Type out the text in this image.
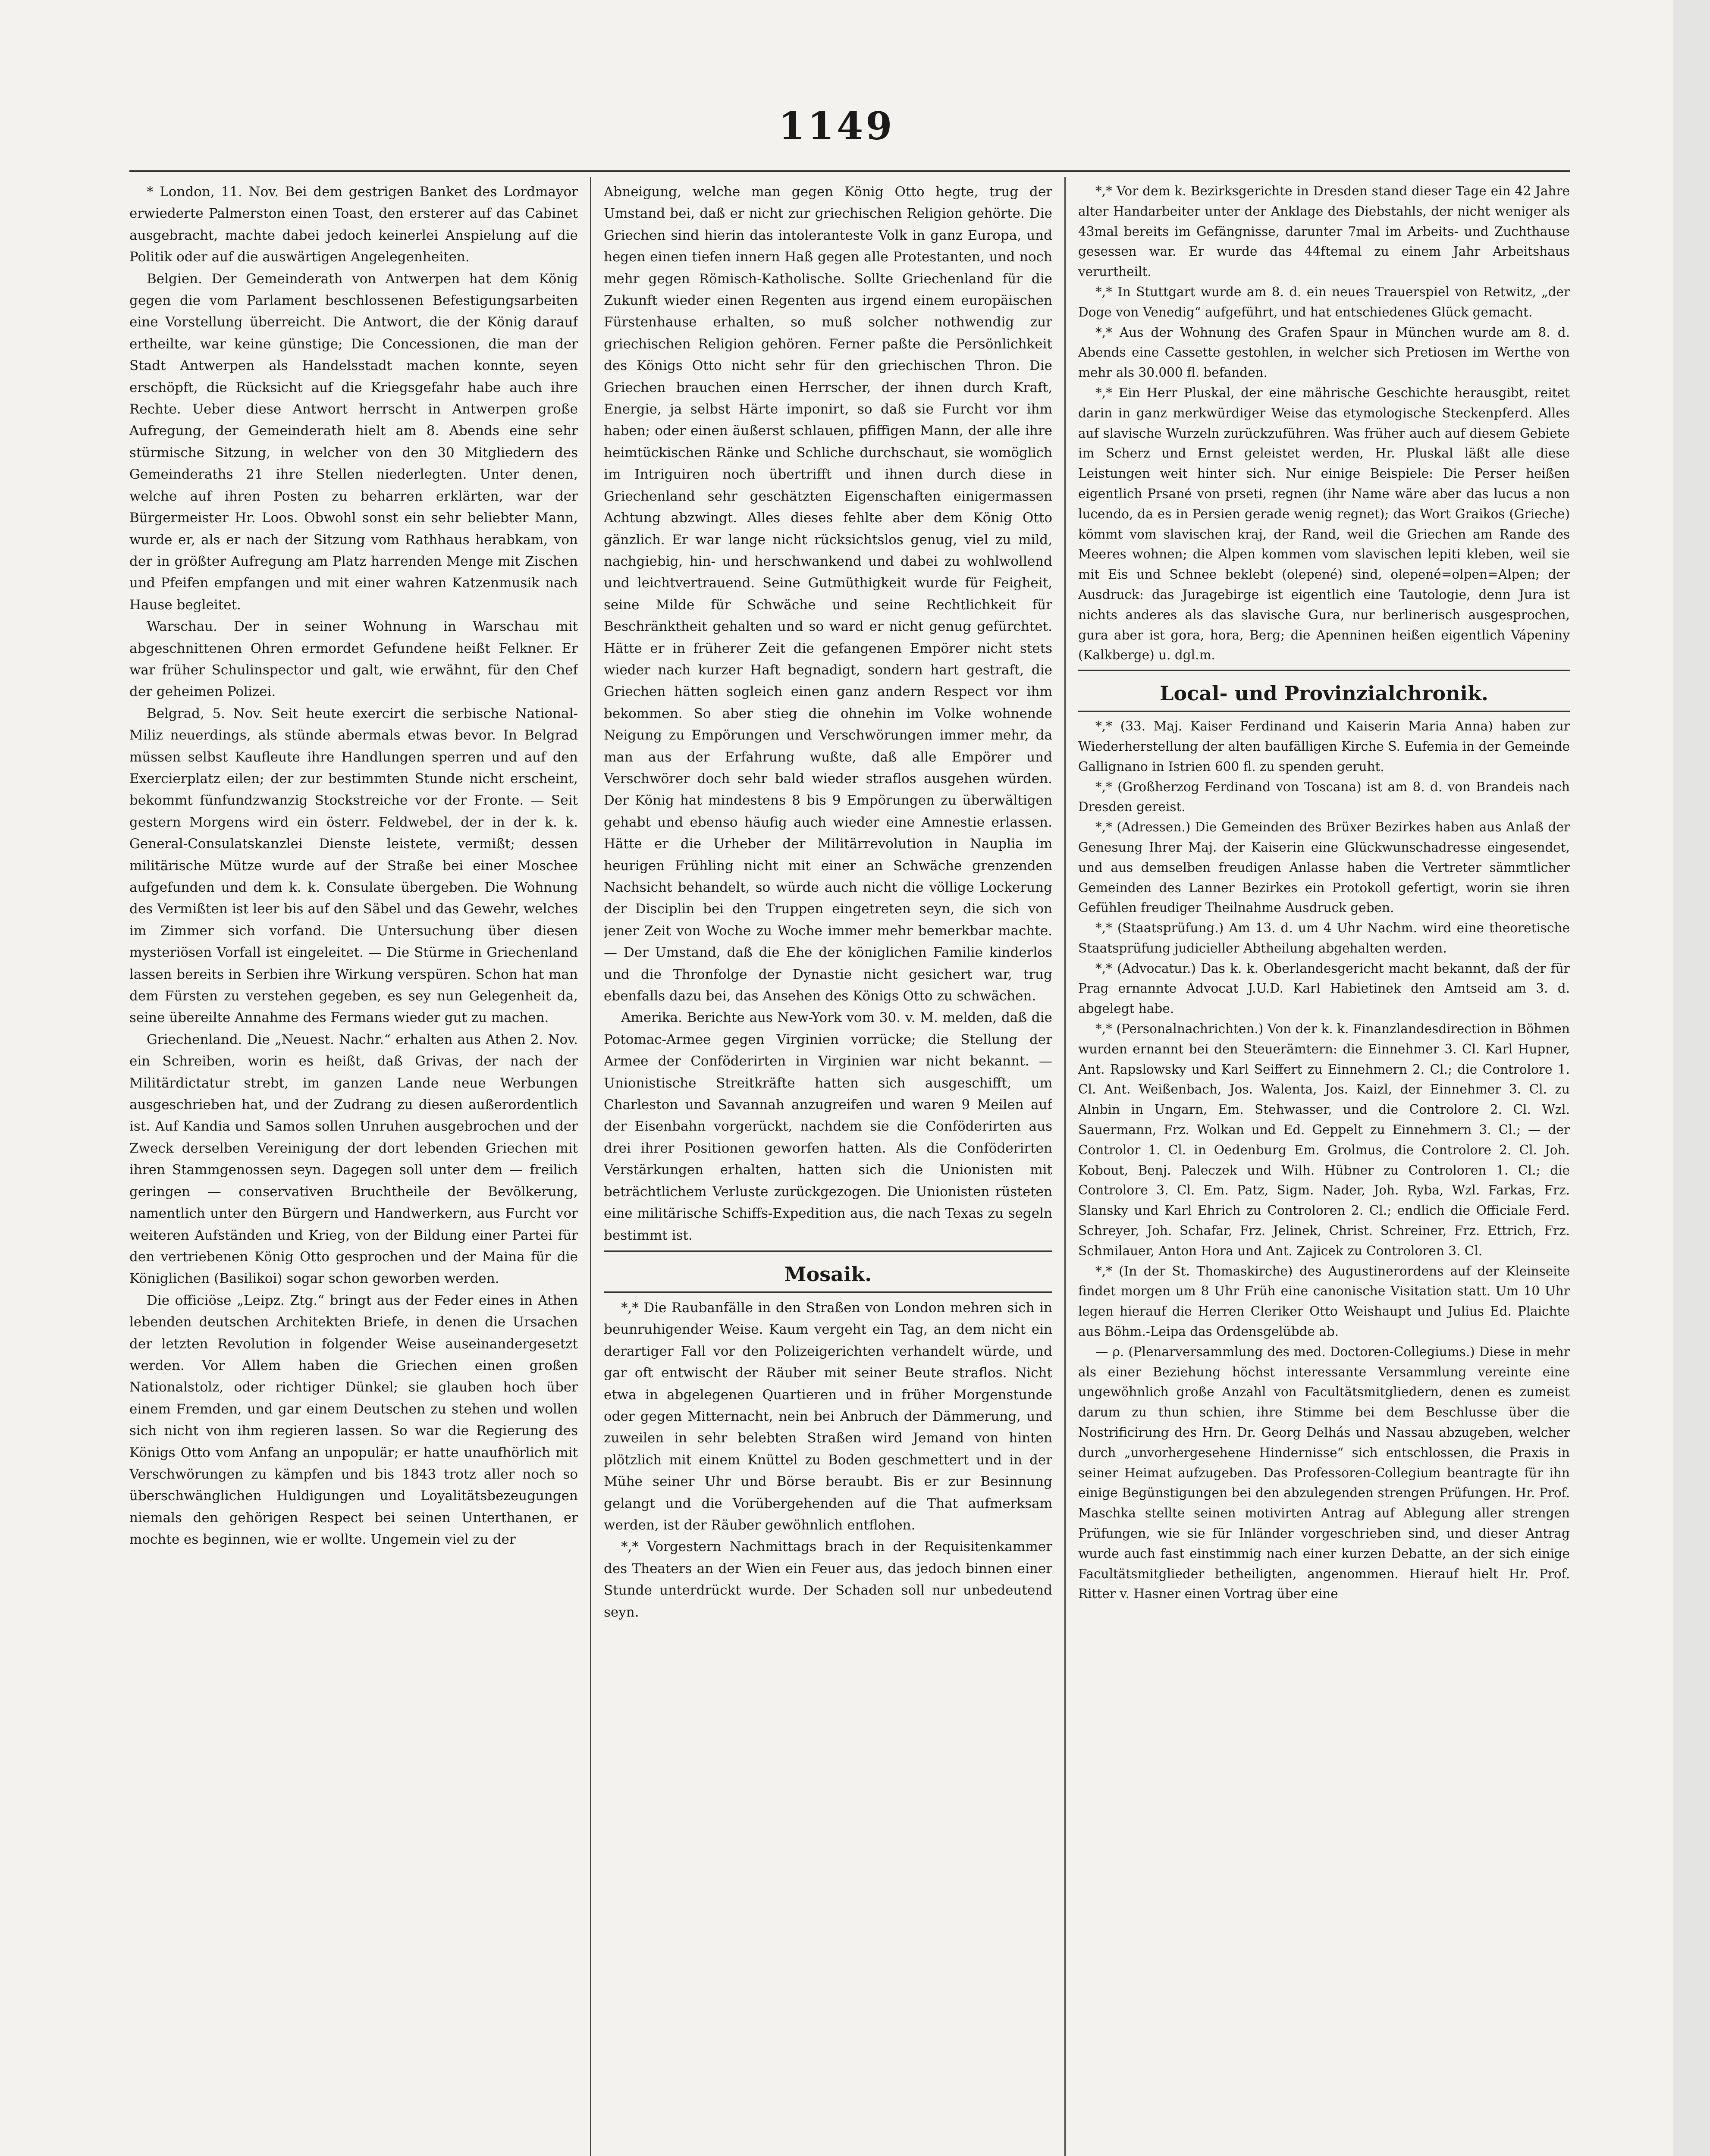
1149

* London, 11. Nov. Bei dem gestrigen Banket des Lordmayor erwiederte Palmerston einen Toast, den ersterer auf das Cabinet ausgebracht, machte dabei jedoch keinerlei Anspielung auf die Politik oder auf die auswärtigen Angelegenheiten.

Belgien. Der Gemeinderath von Antwerpen hat dem König gegen die vom Parlament beschlossenen Befestigungsarbeiten eine Vorstellung überreicht. Die Antwort, die der König darauf ertheilte, war keine günstige; Die Concessionen, die man der Stadt Antwerpen als Handelsstadt machen konnte, seyen erschöpft, die Rücksicht auf die Kriegsgefahr habe auch ihre Rechte. Ueber diese Antwort herrscht in Antwerpen große Aufregung, der Gemeinderath hielt am 8. Abends eine sehr stürmische Sitzung, in welcher von den 30 Mitgliedern des Gemeinderaths 21 ihre Stellen niederlegten. Unter denen, welche auf ihren Posten zu beharren erklärten, war der Bürgermeister Hr. Loos. Obwohl sonst ein sehr beliebter Mann, wurde er, als er nach der Sitzung vom Rathhaus herabkam, von der in größter Aufregung am Platz harrenden Menge mit Zischen und Pfeifen empfangen und mit einer wahren Katzenmusik nach Hause begleitet.

Warschau. Der in seiner Wohnung in Warschau mit abgeschnittenen Ohren ermordet Gefundene heißt Felkner. Er war früher Schulinspector und galt, wie erwähnt, für den Chef der geheimen Polizei.

Belgrad, 5. Nov. Seit heute exercirt die serbische National-Miliz neuerdings, als stünde abermals etwas bevor. In Belgrad müssen selbst Kaufleute ihre Handlungen sperren und auf den Exercierplatz eilen; der zur bestimmten Stunde nicht erscheint, bekommt fünfundzwanzig Stockstreiche vor der Fronte. — Seit gestern Morgens wird ein österr. Feldwebel, der in der k. k. General-Consulatskanzlei Dienste leistete, vermißt; dessen militärische Mütze wurde auf der Straße bei einer Moschee aufgefunden und dem k. k. Consulate übergeben. Die Wohnung des Vermißten ist leer bis auf den Säbel und das Gewehr, welches im Zimmer sich vorfand. Die Untersuchung über diesen mysteriösen Vorfall ist eingeleitet. — Die Stürme in Griechenland lassen bereits in Serbien ihre Wirkung verspüren. Schon hat man dem Fürsten zu verstehen gegeben, es sey nun Gelegenheit da, seine übereilte Annahme des Fermans wieder gut zu machen.

Griechenland. Die „Neuest. Nachr.“ erhalten aus Athen 2. Nov. ein Schreiben, worin es heißt, daß Grivas, der nach der Militärdictatur strebt, im ganzen Lande neue Werbungen ausgeschrieben hat, und der Zudrang zu diesen außerordentlich ist. Auf Kandia und Samos sollen Unruhen ausgebrochen und der Zweck derselben Vereinigung der dort lebenden Griechen mit ihren Stammgenossen seyn. Dagegen soll unter dem — freilich geringen — conservativen Bruchtheile der Bevölkerung, namentlich unter den Bürgern und Handwerkern, aus Furcht vor weiteren Aufständen und Krieg, von der Bildung einer Partei für den vertriebenen König Otto gesprochen und der Maina für die Königlichen (Basilikoi) sogar schon geworben werden.

Die officiöse „Leipz. Ztg.“ bringt aus der Feder eines in Athen lebenden deutschen Architekten Briefe, in denen die Ursachen der letzten Revolution in folgender Weise auseinandergesetzt werden. Vor Allem haben die Griechen einen großen Nationalstolz, oder richtiger Dünkel; sie glauben hoch über einem Fremden, und gar einem Deutschen zu stehen und wollen sich nicht von ihm regieren lassen. So war die Regierung des Königs Otto vom Anfang an unpopulär; er hatte unaufhörlich mit Verschwörungen zu kämpfen und bis 1843 trotz aller noch so überschwänglichen Huldigungen und Loyalitätsbezeugungen niemals den gehörigen Respect bei seinen Unterthanen, er mochte es beginnen, wie er wollte. Ungemein viel zu der

Abneigung, welche man gegen König Otto hegte, trug der Umstand bei, daß er nicht zur griechischen Religion gehörte. Die Griechen sind hierin das intoleranteste Volk in ganz Europa, und hegen einen tiefen innern Haß gegen alle Protestanten, und noch mehr gegen Römisch-Katholische. Sollte Griechenland für die Zukunft wieder einen Regenten aus irgend einem europäischen Fürstenhause erhalten, so muß solcher nothwendig zur griechischen Religion gehören. Ferner paßte die Persönlichkeit des Königs Otto nicht sehr für den griechischen Thron. Die Griechen brauchen einen Herrscher, der ihnen durch Kraft, Energie, ja selbst Härte imponirt, so daß sie Furcht vor ihm haben; oder einen äußerst schlauen, pfiffigen Mann, der alle ihre heimtückischen Ränke und Schliche durchschaut, sie womöglich im Intriguiren noch übertrifft und ihnen durch diese in Griechenland sehr geschätzten Eigenschaften einigermassen Achtung abzwingt. Alles dieses fehlte aber dem König Otto gänzlich. Er war lange nicht rücksichtslos genug, viel zu mild, nachgiebig, hin- und herschwankend und dabei zu wohlwollend und leichtvertrauend. Seine Gutmüthigkeit wurde für Feigheit, seine Milde für Schwäche und seine Rechtlichkeit für Beschränktheit gehalten und so ward er nicht genug gefürchtet. Hätte er in früherer Zeit die gefangenen Empörer nicht stets wieder nach kurzer Haft begnadigt, sondern hart gestraft, die Griechen hätten sogleich einen ganz andern Respect vor ihm bekommen. So aber stieg die ohnehin im Volke wohnende Neigung zu Empörungen und Verschwörungen immer mehr, da man aus der Erfahrung wußte, daß alle Empörer und Verschwörer doch sehr bald wieder straflos ausgehen würden. Der König hat mindestens 8 bis 9 Empörungen zu überwältigen gehabt und ebenso häufig auch wieder eine Amnestie erlassen. Hätte er die Urheber der Militärrevolution in Nauplia im heurigen Frühling nicht mit einer an Schwäche grenzenden Nachsicht behandelt, so würde auch nicht die völlige Lockerung der Disciplin bei den Truppen eingetreten seyn, die sich von jener Zeit von Woche zu Woche immer mehr bemerkbar machte. — Der Umstand, daß die Ehe der königlichen Familie kinderlos und die Thronfolge der Dynastie nicht gesichert war, trug ebenfalls dazu bei, das Ansehen des Königs Otto zu schwächen.

Amerika. Berichte aus New-York vom 30. v. M. melden, daß die Potomac-Armee gegen Virginien vorrücke; die Stellung der Armee der Conföderirten in Virginien war nicht bekannt. — Unionistische Streitkräfte hatten sich ausgeschifft, um Charleston und Savannah anzugreifen und waren 9 Meilen auf der Eisenbahn vorgerückt, nachdem sie die Conföderirten aus drei ihrer Positionen geworfen hatten. Als die Conföderirten Verstärkungen erhalten, hatten sich die Unionisten mit beträchtlichem Verluste zurückgezogen. Die Unionisten rüsteten eine militärische Schiffs-Expedition aus, die nach Texas zu segeln bestimmt ist.

Mosaik.

*,* Die Raubanfälle in den Straßen von London mehren sich in beunruhigender Weise. Kaum vergeht ein Tag, an dem nicht ein derartiger Fall vor den Polizeigerichten verhandelt würde, und gar oft entwischt der Räuber mit seiner Beute straflos. Nicht etwa in abgelegenen Quartieren und in früher Morgenstunde oder gegen Mitternacht, nein bei Anbruch der Dämmerung, und zuweilen in sehr belebten Straßen wird Jemand von hinten plötzlich mit einem Knüttel zu Boden geschmettert und in der Mühe seiner Uhr und Börse beraubt. Bis er zur Besinnung gelangt und die Vorübergehenden auf die That aufmerksam werden, ist der Räuber gewöhnlich entflohen.

*,* Vorgestern Nachmittags brach in der Requisitenkammer des Theaters an der Wien ein Feuer aus, das jedoch binnen einer Stunde unterdrückt wurde. Der Schaden soll nur unbedeutend seyn.

*,* Vor dem k. Bezirksgerichte in Dresden stand dieser Tage ein 42 Jahre alter Handarbeiter unter der Anklage des Diebstahls, der nicht weniger als 43mal bereits im Gefängnisse, darunter 7mal im Arbeits- und Zuchthause gesessen war. Er wurde das 44ftemal zu einem Jahr Arbeitshaus verurtheilt.

*,* In Stuttgart wurde am 8. d. ein neues Trauerspiel von Retwitz, „der Doge von Venedig“ aufgeführt, und hat entschiedenes Glück gemacht.

*,* Aus der Wohnung des Grafen Spaur in München wurde am 8. d. Abends eine Cassette gestohlen, in welcher sich Pretiosen im Werthe von mehr als 30.000 fl. befanden.

*,* Ein Herr Pluskal, der eine mährische Geschichte herausgibt, reitet darin in ganz merkwürdiger Weise das etymologische Steckenpferd. Alles auf slavische Wurzeln zurückzuführen. Was früher auch auf diesem Gebiete im Scherz und Ernst geleistet werden, Hr. Pluskal läßt alle diese Leistungen weit hinter sich. Nur einige Beispiele: Die Perser heißen eigentlich Prsané von prseti, regnen (ihr Name wäre aber das lucus a non lucendo, da es in Persien gerade wenig regnet); das Wort Graikos (Grieche) kömmt vom slavischen kraj, der Rand, weil die Griechen am Rande des Meeres wohnen; die Alpen kommen vom slavischen lepiti kleben, weil sie mit Eis und Schnee beklebt (olepené) sind, olepené=olpen=Alpen; der Ausdruck: das Juragebirge ist eigentlich eine Tautologie, denn Jura ist nichts anderes als das slavische Gura, nur berlinerisch ausgesprochen, gura aber ist gora, hora, Berg; die Apenninen heißen eigentlich Vápeniny (Kalkberge) u. dgl.m.

Local- und Provinzialchronik.

*,* (33. Maj. Kaiser Ferdinand und Kaiserin Maria Anna) haben zur Wiederherstellung der alten baufälligen Kirche S. Eufemia in der Gemeinde Gallignano in Istrien 600 fl. zu spenden geruht.

*,* (Großherzog Ferdinand von Toscana) ist am 8. d. von Brandeis nach Dresden gereist.

*,* (Adressen.) Die Gemeinden des Brüxer Bezirkes haben aus Anlaß der Genesung Ihrer Maj. der Kaiserin eine Glückwunschadresse eingesendet, und aus demselben freudigen Anlasse haben die Vertreter sämmtlicher Gemeinden des Lanner Bezirkes ein Protokoll gefertigt, worin sie ihren Gefühlen freudiger Theilnahme Ausdruck geben.

*,* (Staatsprüfung.) Am 13. d. um 4 Uhr Nachm. wird eine theoretische Staatsprüfung judicieller Abtheilung abgehalten werden.

*,* (Advocatur.) Das k. k. Oberlandesgericht macht bekannt, daß der für Prag ernannte Advocat J.U.D. Karl Habietinek den Amtseid am 3. d. abgelegt habe.

*,* (Personalnachrichten.) Von der k. k. Finanzlandesdirection in Böhmen wurden ernannt bei den Steuerämtern: die Einnehmer 3. Cl. Karl Hupner, Ant. Rapslowsky und Karl Seiffert zu Einnehmern 2. Cl.; die Controlore 1. Cl. Ant. Weißenbach, Jos. Walenta, Jos. Kaizl, der Einnehmer 3. Cl. zu Alnbin in Ungarn, Em. Stehwasser, und die Controlore 2. Cl. Wzl. Sauermann, Frz. Wolkan und Ed. Geppelt zu Einnehmern 3. Cl.; — der Controlor 1. Cl. in Oedenburg Em. Grolmus, die Controlore 2. Cl. Joh. Kobout, Benj. Paleczek und Wilh. Hübner zu Controloren 1. Cl.; die Controlore 3. Cl. Em. Patz, Sigm. Nader, Joh. Ryba, Wzl. Farkas, Frz. Slansky und Karl Ehrich zu Controloren 2. Cl.; endlich die Officiale Ferd. Schreyer, Joh. Schafar, Frz. Jelinek, Christ. Schreiner, Frz. Ettrich, Frz. Schmilauer, Anton Hora und Ant. Zajicek zu Controloren 3. Cl.

*,* (In der St. Thomaskirche) des Augustinerordens auf der Kleinseite findet morgen um 8 Uhr Früh eine canonische Visitation statt. Um 10 Uhr legen hierauf die Herren Cleriker Otto Weishaupt und Julius Ed. Plaichte aus Böhm.-Leipa das Ordensgelübde ab.

— ρ. (Plenarversammlung des med. Doctoren-Collegiums.) Diese in mehr als einer Beziehung höchst interessante Versammlung vereinte eine ungewöhnlich große Anzahl von Facultätsmitgliedern, denen es zumeist darum zu thun schien, ihre Stimme bei dem Beschlusse über die Nostrificirung des Hrn. Dr. Georg Delhás und Nassau abzugeben, welcher durch „unvorhergesehene Hindernisse“ sich entschlossen, die Praxis in seiner Heimat aufzugeben. Das Professoren-Collegium beantragte für ihn einige Begünstigungen bei den abzulegenden strengen Prüfungen. Hr. Prof. Maschka stellte seinen motivirten Antrag auf Ablegung aller strengen Prüfungen, wie sie für Inländer vorgeschrieben sind, und dieser Antrag wurde auch fast einstimmig nach einer kurzen Debatte, an der sich einige Facultätsmitglieder betheiligten, angenommen. Hierauf hielt Hr. Prof. Ritter v. Hasner einen Vortrag über eine
